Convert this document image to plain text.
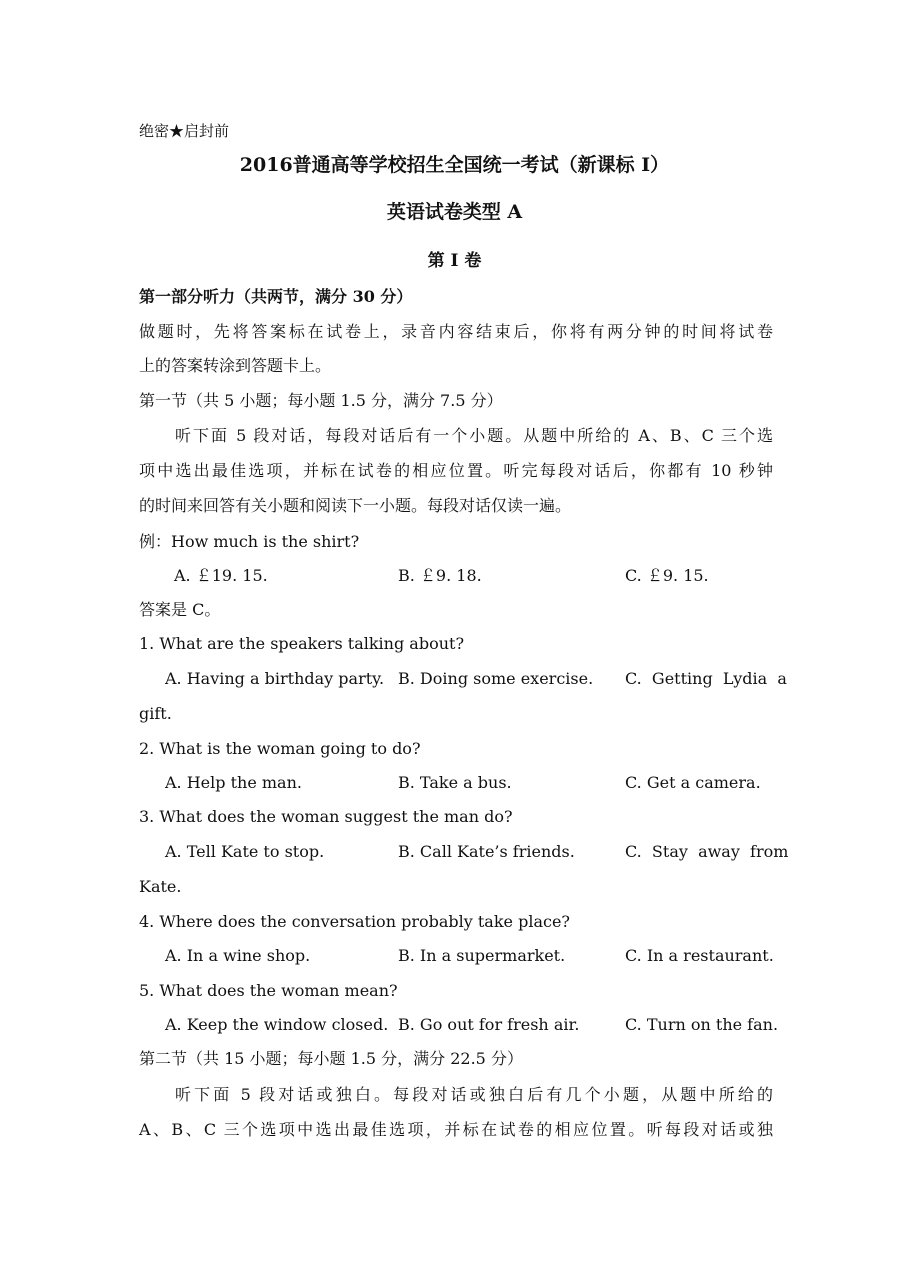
绝密★启封前
2016普通高等学校招生全国统一考试（新课标 I）
英语试卷类型 A
第 I 卷
第一部分听力（共两节，满分 30 分）
做题时，先将答案标在试卷上，录音内容结束后，你将有两分钟的时间将试卷
上的答案转涂到答题卡上。
第一节（共 5 小题；每小题 1.5 分，满分 7.5 分）
听下面 5 段对话，每段对话后有一个小题。从题中所给的 A、B、C 三个选
项中选出最佳选项，并标在试卷的相应位置。听完每段对话后，你都有 10 秒钟
的时间来回答有关小题和阅读下一小题。每段对话仅读一遍。
例：How much is the shirt?
A. ￡19. 15.	B. ￡9. 18.	C. ￡9. 15.
答案是 C。
1. What are the speakers talking about?
A. Having a birthday party. B. Doing some exercise. C.  Getting  Lydia  a
gift.
2. What is the woman going to do?
A. Help the man.	B. Take a bus.	C. Get a camera.
3. What does the woman suggest the man do?
A. Tell Kate to stop.	B. Call Kate’s friends.	C.  Stay  away  from
Kate.
4. Where does the conversation probably take place?
A. In a wine shop.	B. In a supermarket.	C. In a restaurant.
5. What does the woman mean?
A. Keep the window closed. B. Go out for fresh air.	C. Turn on the fan.
第二节（共 15 小题；每小题 1.5 分，满分 22.5 分）
听下面 5 段对话或独白。每段对话或独白后有几个小题，从题中所给的
A、B、C 三个选项中选出最佳选项，并标在试卷的相应位置。听每段对话或独
